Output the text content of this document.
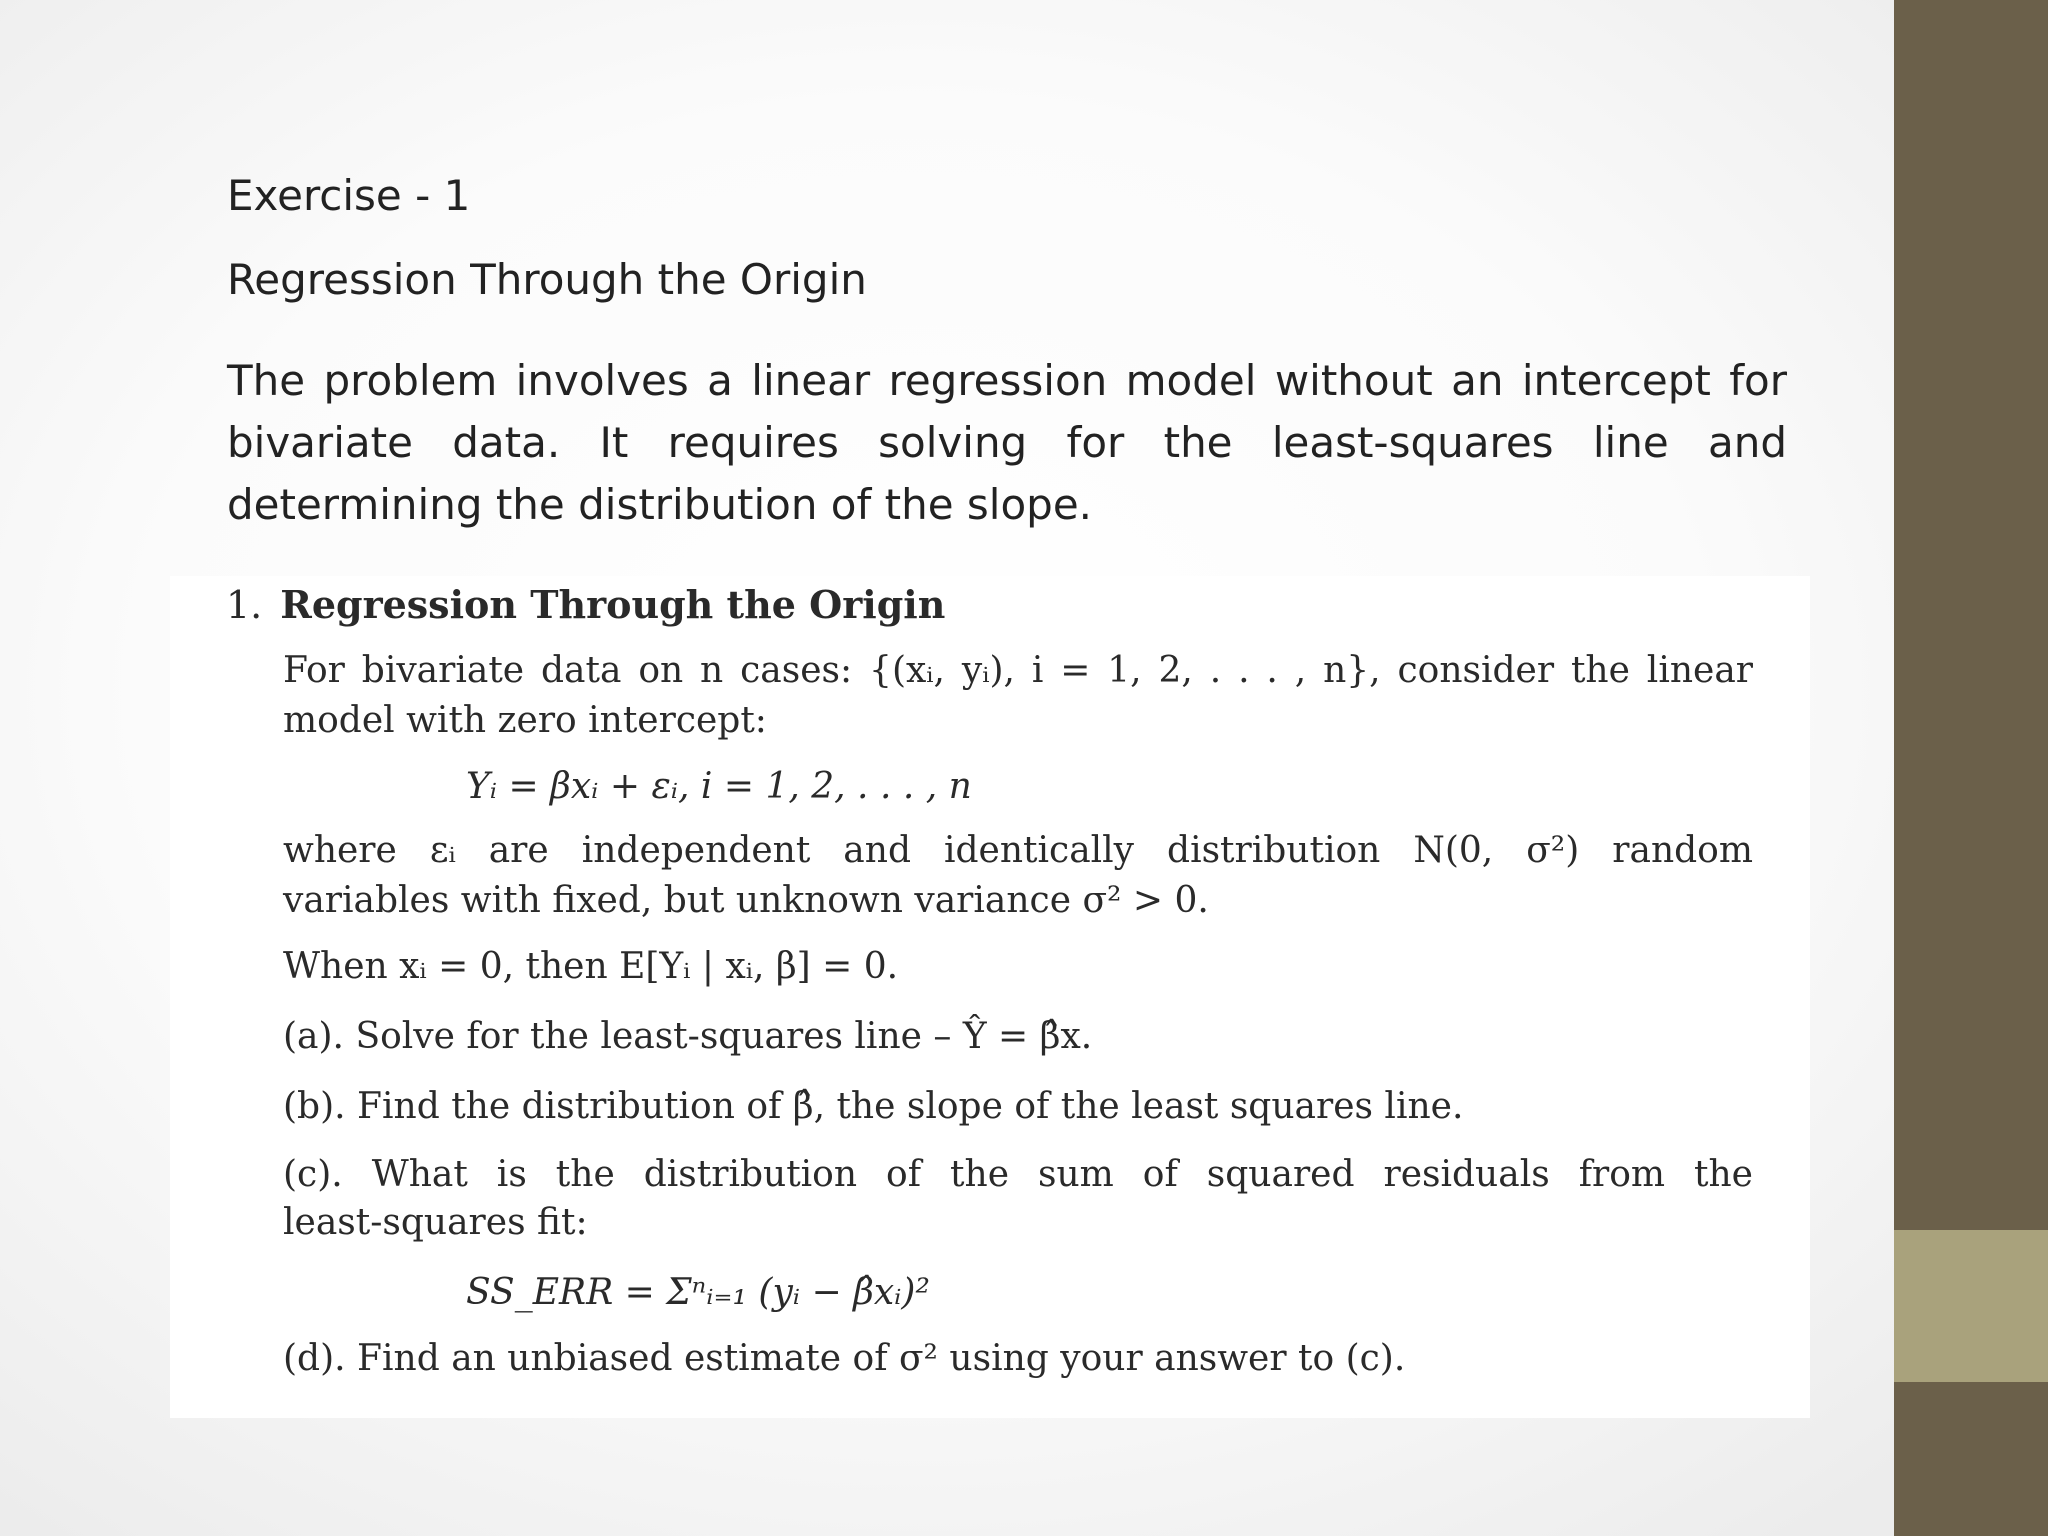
Exercise - 1
Regression Through the Origin
The problem involves a linear regression model without an intercept for bivariate data. It requires solving for the least-squares line and determining the distribution of the slope.
1. Regression Through the Origin
For bivariate data on n cases: {(xᵢ, yᵢ), i = 1, 2, . . . , n}, consider the linear
model with zero intercept:
Yᵢ = βxᵢ + εᵢ, i = 1, 2, . . . , n
where εᵢ are independent and identically distribution N(0, σ²) random
variables with fixed, but unknown variance σ² > 0.
When xᵢ = 0, then E[Yᵢ | xᵢ, β] = 0.
(a). Solve for the least-squares line – Ŷ = β̂x.
(b). Find the distribution of β̂, the slope of the least squares line.
(c). What is the distribution of the sum of squared residuals from the
least-squares fit:
SS_ERR = Σⁿᵢ₌₁ (yᵢ − β̂xᵢ)²
(d). Find an unbiased estimate of σ² using your answer to (c).
